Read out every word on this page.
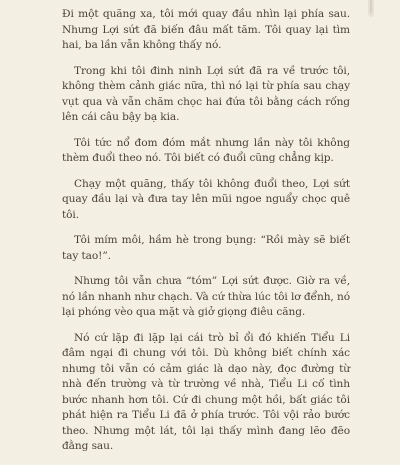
Đi một quãng xa, tôi mới quay đầu nhìn lại phía sau. Nhưng Lợi sứt đã biến đâu mất tăm. Tôi quay lại tìm hai, ba lần vẫn không thấy nó.

Trong khi tôi đinh ninh Lợi sứt đã ra về trước tôi, không thèm cảnh giác nữa, thì nó lại từ phía sau chạy vụt qua và vẫn chăm chọc hai đứa tôi bằng cách rống lên cái câu bậy bạ kia.

Tôi tức nổ đom đóm mắt nhưng lần này tôi không thèm đuổi theo nó. Tôi biết có đuổi cũng chẳng kịp.

Chạy một quãng, thấy tôi không đuổi theo, Lợi sứt quay đầu lại và đưa tay lên mũi ngoe nguẩy chọc quê tôi.

Tôi mím môi, hầm hè trong bụng: “Rồi mày sẽ biết tay tao!”.

Nhưng tôi vẫn chưa “tóm” Lợi sứt được. Giờ ra về, nó lần nhanh như chạch. Và cứ thừa lúc tôi lơ đểnh, nó lại phóng vèo qua mặt và giở giọng điêu căng.

Nó cứ lặp đi lặp lại cái trò bỉ ổi đó khiến Tiểu Li đâm ngại đi chung với tôi. Dù không biết chính xác nhưng tôi vẫn có cảm giác là dạo này, đọc đường từ nhà đến trường và từ trường về nhà, Tiểu Li cố tình bước nhanh hơn tôi. Cứ đi chung một hồi, bất giác tôi phát hiện ra Tiểu Li đã ở phía trước. Tôi vội rảo bước theo. Nhưng một lát, tôi lại thấy mình đang lẽo đẽo đằng sau.
